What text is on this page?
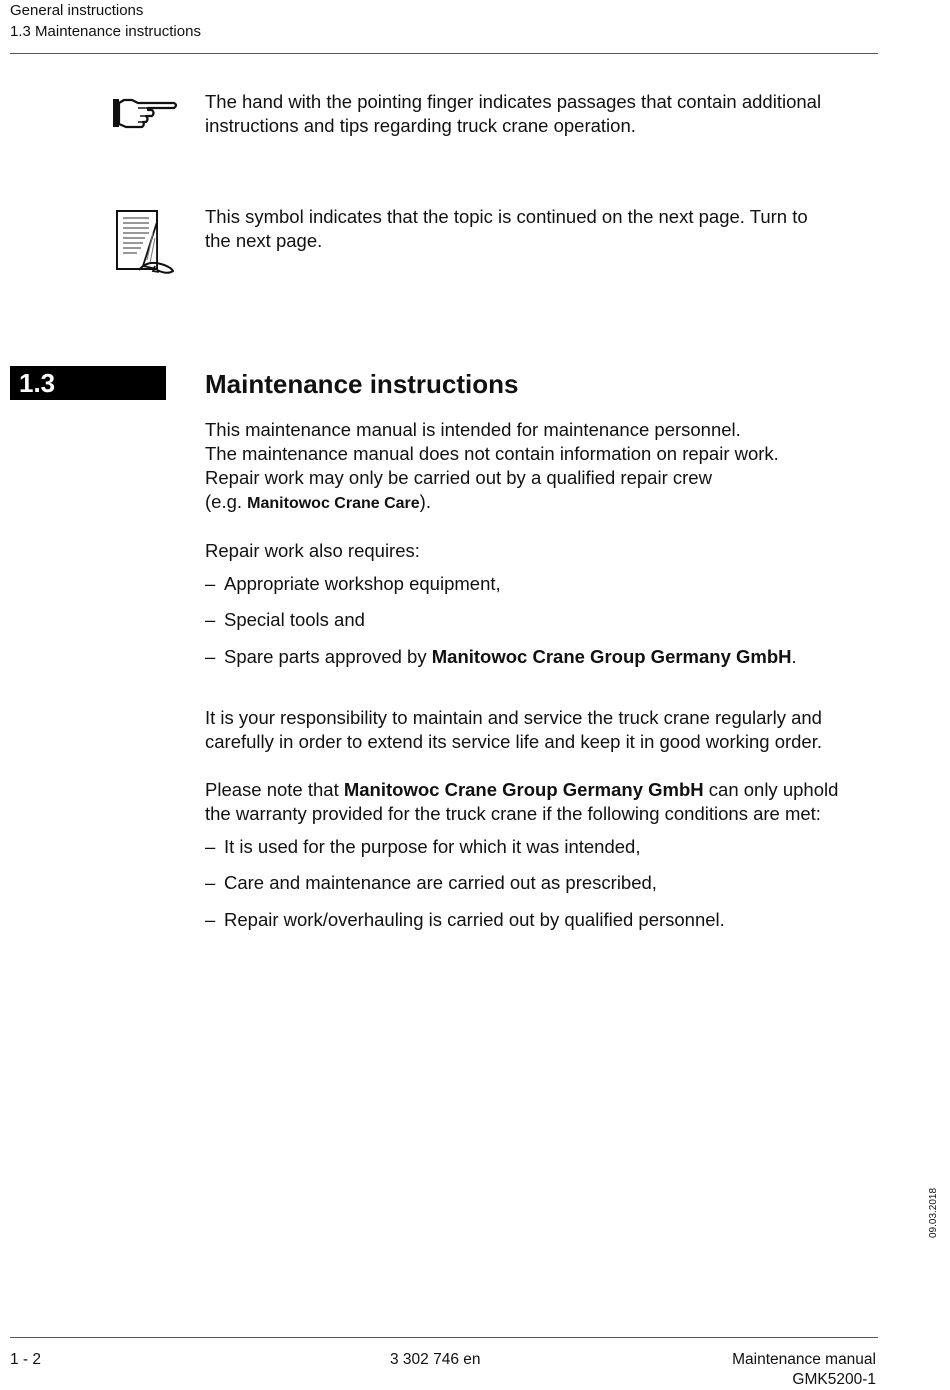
General instructions
1.3 Maintenance instructions
The hand with the pointing finger indicates passages that contain additional
instructions and tips regarding truck crane operation.
This symbol indicates that the topic is continued on the next page. Turn to
the next page.
1.3	Maintenance instructions
This maintenance manual is intended for maintenance personnel.
The maintenance manual does not contain information on repair work.
Repair work may only be carried out by a qualified repair crew
(e.g. Manitowoc Crane Care).
Repair work also requires:
– Appropriate workshop equipment,
– Special tools and
– Spare parts approved by Manitowoc Crane Group Germany GmbH.
It is your responsibility to maintain and service the truck crane regularly and
carefully in order to extend its service life and keep it in good working order.
Please note that Manitowoc Crane Group Germany GmbH can only uphold
the warranty provided for the truck crane if the following conditions are met:
– It is used for the purpose for which it was intended,
– Care and maintenance are carried out as prescribed,
– Repair work/overhauling is carried out by qualified personnel.
09.03.2018
1 - 2	3 302 746 en	Maintenance manual
GMK5200-1
